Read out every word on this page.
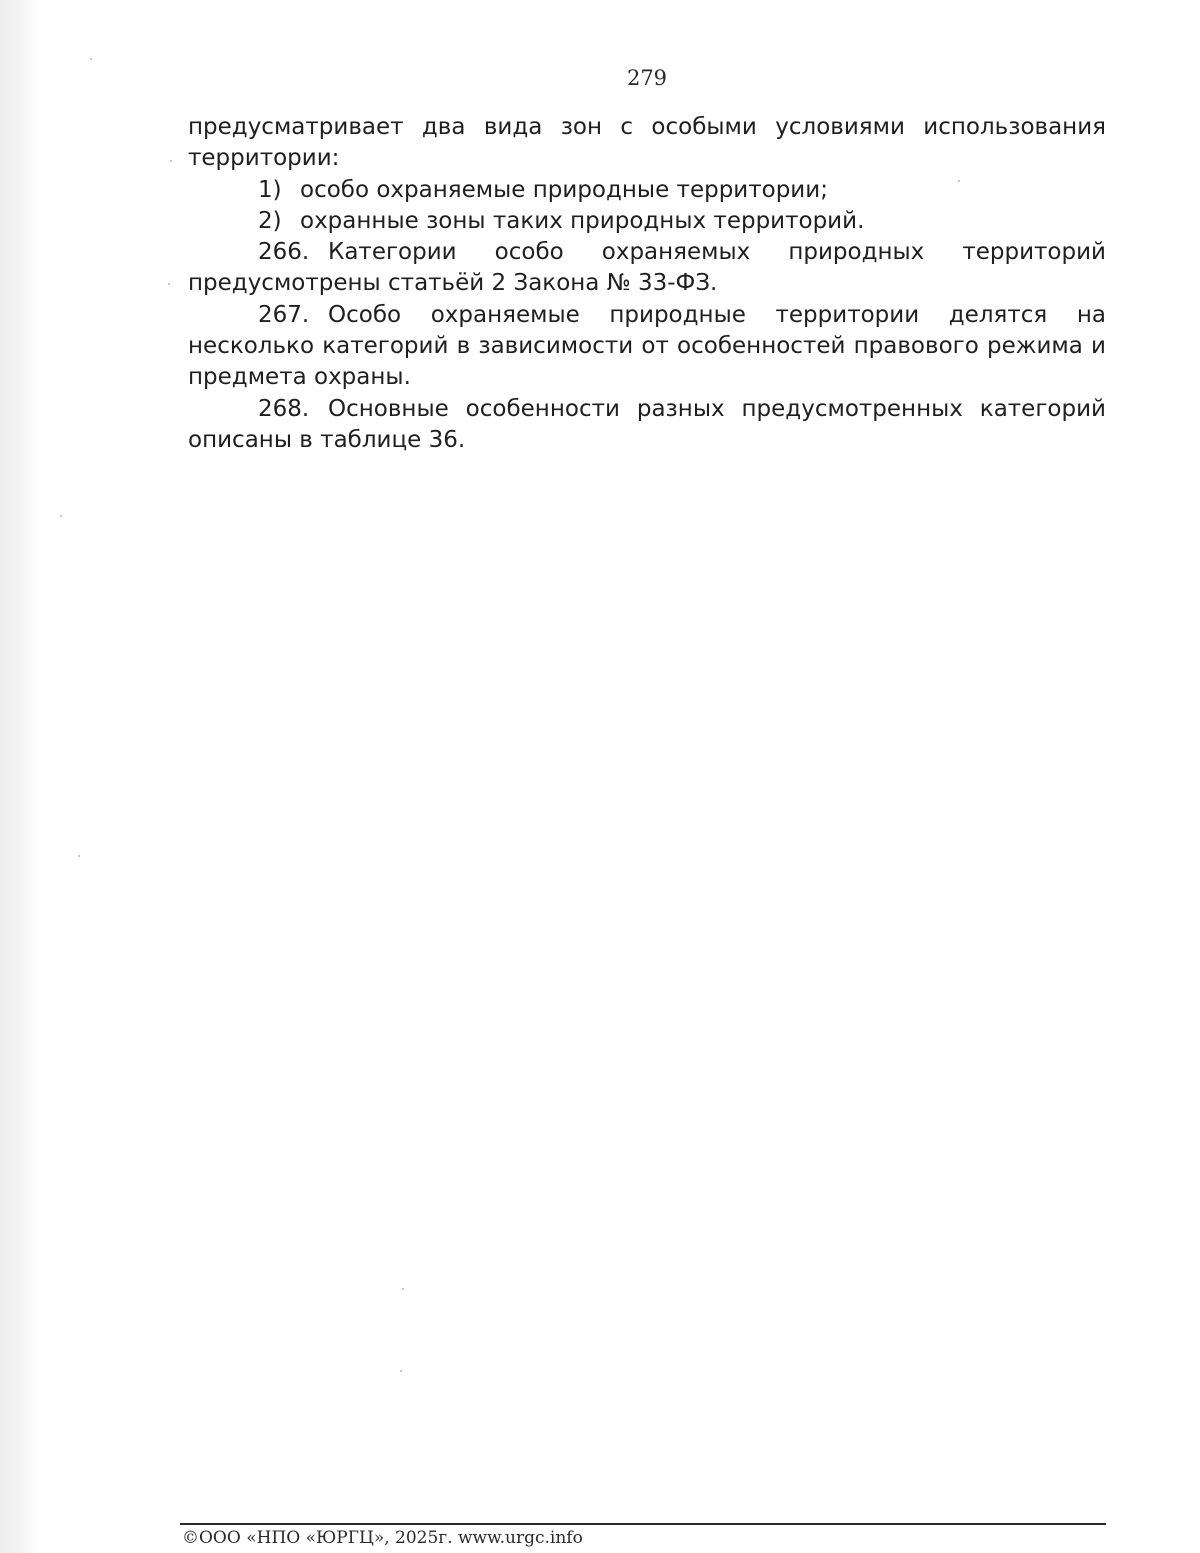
279

предусматривает два вида зон с особыми условиями использования территории:

1) особо охраняемые природные территории;
2) охранные зоны таких природных территорий.

266. Категории особо охраняемых природных территорий предусмотрены статьёй 2 Закона № 33-ФЗ.

267. Особо охраняемые природные территории делятся на несколько категорий в зависимости от особенностей правового режима и предмета охраны.

268. Основные особенности разных предусмотренных категорий описаны в таблице 36.

©ООО «НПО «ЮРГЦ», 2025г. www.urgc.info
